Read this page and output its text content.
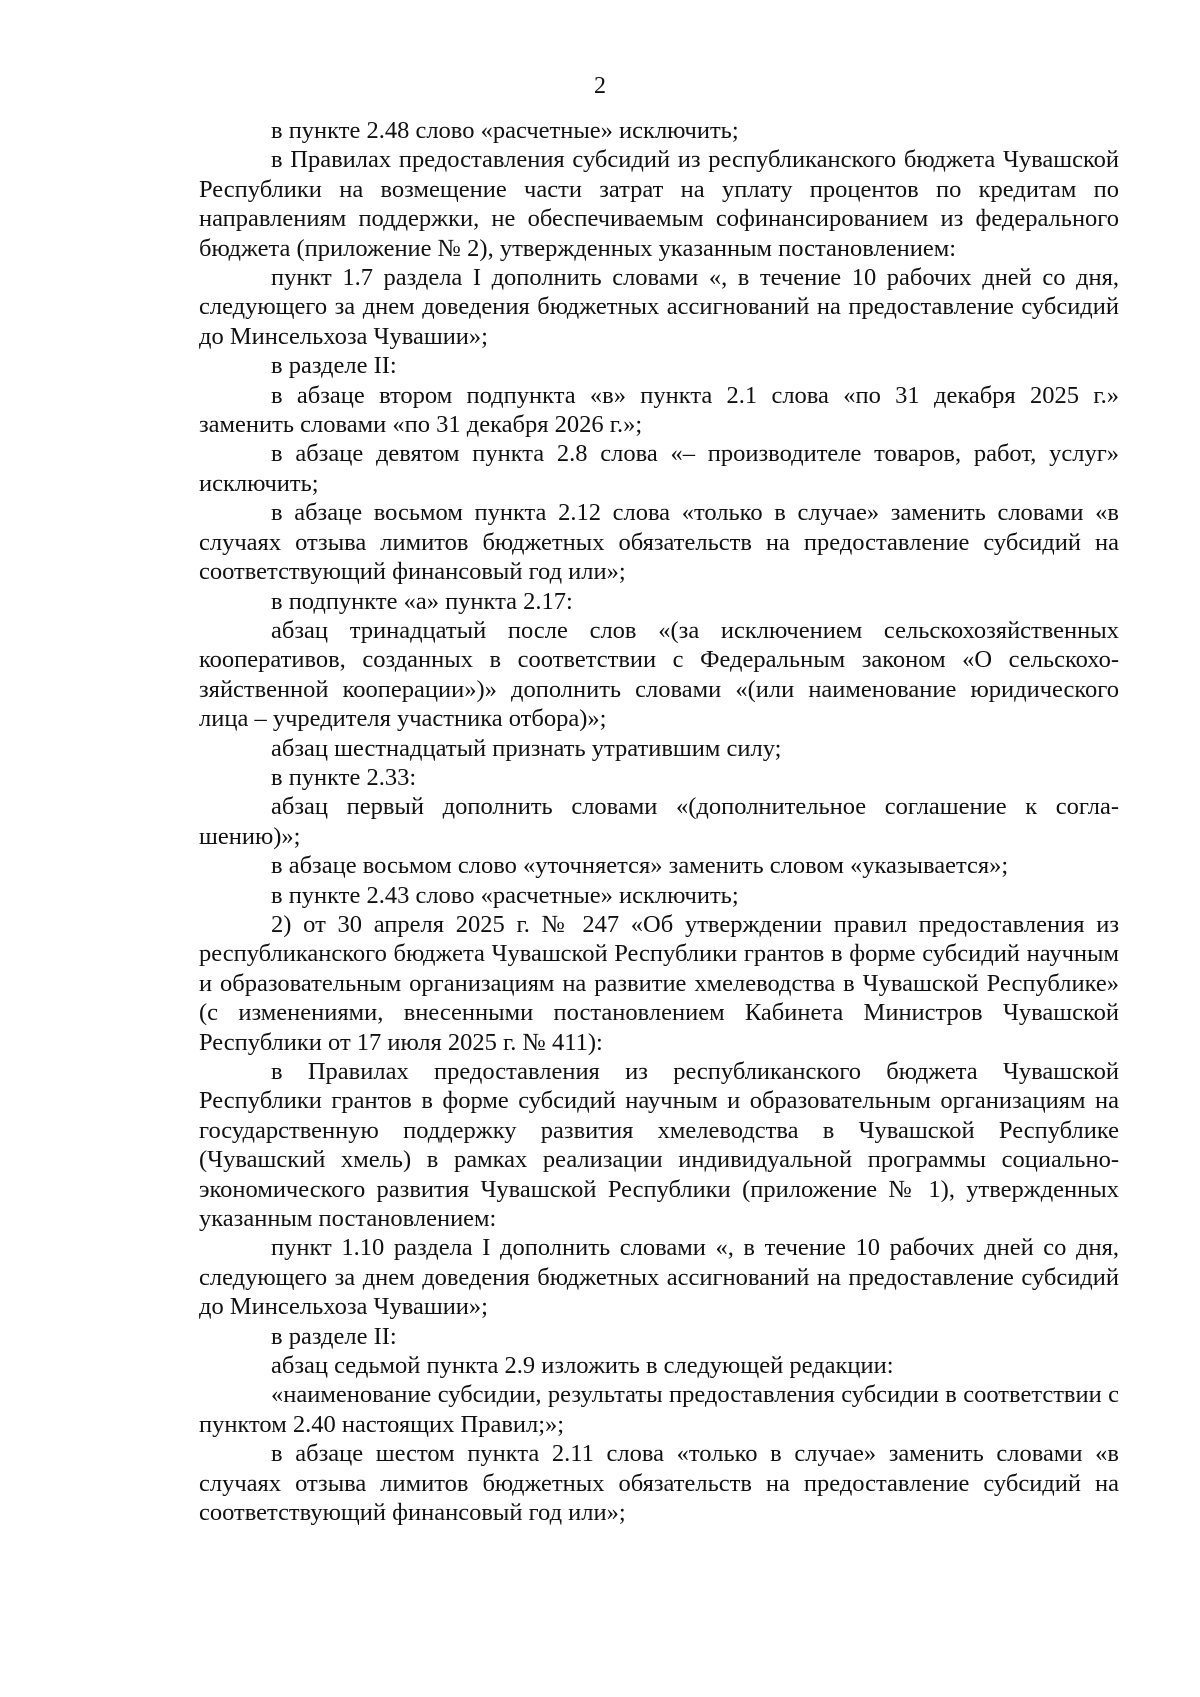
2

в пункте 2.48 слово «расчетные» исключить;

в Правилах предоставления субсидий из республиканского бюджета Чувашской Республики на возмещение части затрат на уплату процентов по кредитам по направлениям поддержки, не обеспечиваемым софинансированием из федерального бюджета (приложение № 2), утвержденных указанным постановлением:

пункт 1.7 раздела I дополнить словами «, в течение 10 рабочих дней со дня, следующего за днем доведения бюджетных ассигнований на предоставление субсидий до Минсельхоза Чувашии»;

в разделе II:

в абзаце втором подпункта «в» пункта 2.1 слова «по 31 декабря 2025 г.» заменить словами «по 31 декабря 2026 г.»;

в абзаце девятом пункта 2.8 слова «– производителе товаров, работ, услуг» исключить;

в абзаце восьмом пункта 2.12 слова «только в случае» заменить словами «в случаях отзыва лимитов бюджетных обязательств на предоставление субсидий на соответствующий финансовый год или»;

в подпункте «а» пункта 2.17:

абзац тринадцатый после слов «(за исключением сельскохозяйственных кооперативов, созданных в соответствии с Федеральным законом «О сельскохозяйственной кооперации»)» дополнить словами «(или наименование юридического лица – учредителя участника отбора)»;

абзац шестнадцатый признать утратившим силу;

в пункте 2.33:

абзац первый дополнить словами «(дополнительное соглашение к соглашению)»;

в абзаце восьмом слово «уточняется» заменить словом «указывается»;

в пункте 2.43 слово «расчетные» исключить;

2) от 30 апреля 2025 г. № 247 «Об утверждении правил предоставления из республиканского бюджета Чувашской Республики грантов в форме субсидий научным и образовательным организациям на развитие хмелеводства в Чувашской Республике» (с изменениями, внесенными постановлением Кабинета Министров Чувашской Республики от 17 июля 2025 г. № 411):

в Правилах предоставления из республиканского бюджета Чувашской Республики грантов в форме субсидий научным и образовательным организациям на государственную поддержку развития хмелеводства в Чувашской Республике (Чувашский хмель) в рамках реализации индивидуальной программы социально-экономического развития Чувашской Республики (приложение № 1), утвержденных указанным постановлением:

пункт 1.10 раздела I дополнить словами «, в течение 10 рабочих дней со дня, следующего за днем доведения бюджетных ассигнований на предоставление субсидий до Минсельхоза Чувашии»;

в разделе II:

абзац седьмой пункта 2.9 изложить в следующей редакции:

«наименование субсидии, результаты предоставления субсидии в соответствии с пунктом 2.40 настоящих Правил;»;

в абзаце шестом пункта 2.11 слова «только в случае» заменить словами «в случаях отзыва лимитов бюджетных обязательств на предоставление субсидий на соответствующий финансовый год или»;
